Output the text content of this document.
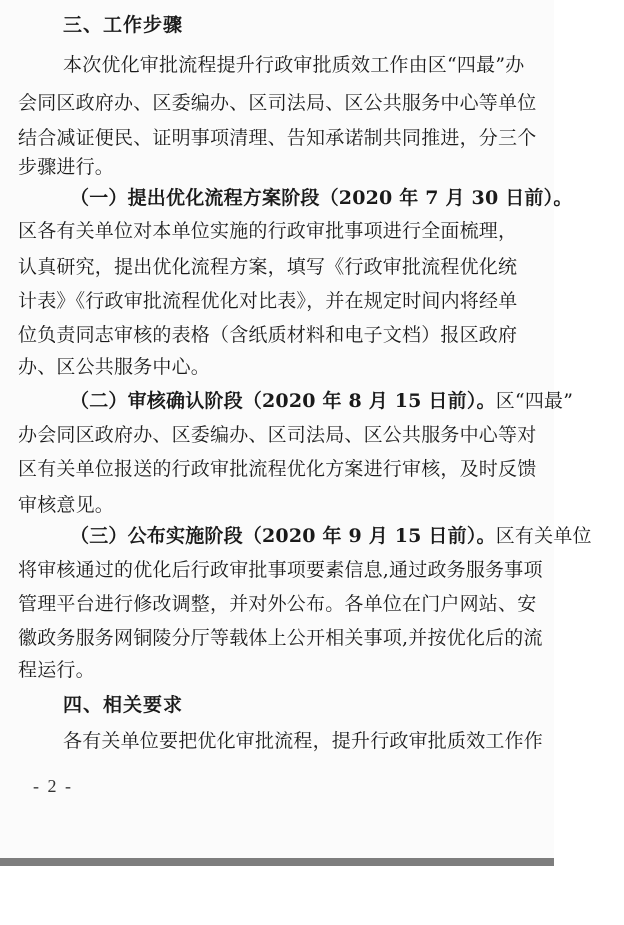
三、工作步骤
本次优化审批流程提升行政审批质效工作由区“四最”办
会同区政府办、区委编办、区司法局、区公共服务中心等单位
结合减证便民、证明事项清理、告知承诺制共同推进，分三个
步骤进行。
（一）提出优化流程方案阶段（2020 年 7 月 30 日前）。
区各有关单位对本单位实施的行政审批事项进行全面梳理，
认真研究，提出优化流程方案，填写《行政审批流程优化统
计表》《行政审批流程优化对比表》，并在规定时间内将经单
位负责同志审核的表格（含纸质材料和电子文档）报区政府
办、区公共服务中心。
（二）审核确认阶段（2020 年 8 月 15 日前）。区“四最”
办会同区政府办、区委编办、区司法局、区公共服务中心等对
区有关单位报送的行政审批流程优化方案进行审核，及时反馈
审核意见。
（三）公布实施阶段（2020 年 9 月 15 日前）。区有关单位
将审核通过的优化后行政审批事项要素信息,通过政务服务事项
管理平台进行修改调整，并对外公布。各单位在门户网站、安
徽政务服务网铜陵分厅等载体上公开相关事项,并按优化后的流
程运行。
四、相关要求
各有关单位要把优化审批流程，提升行政审批质效工作作
- 2 -
